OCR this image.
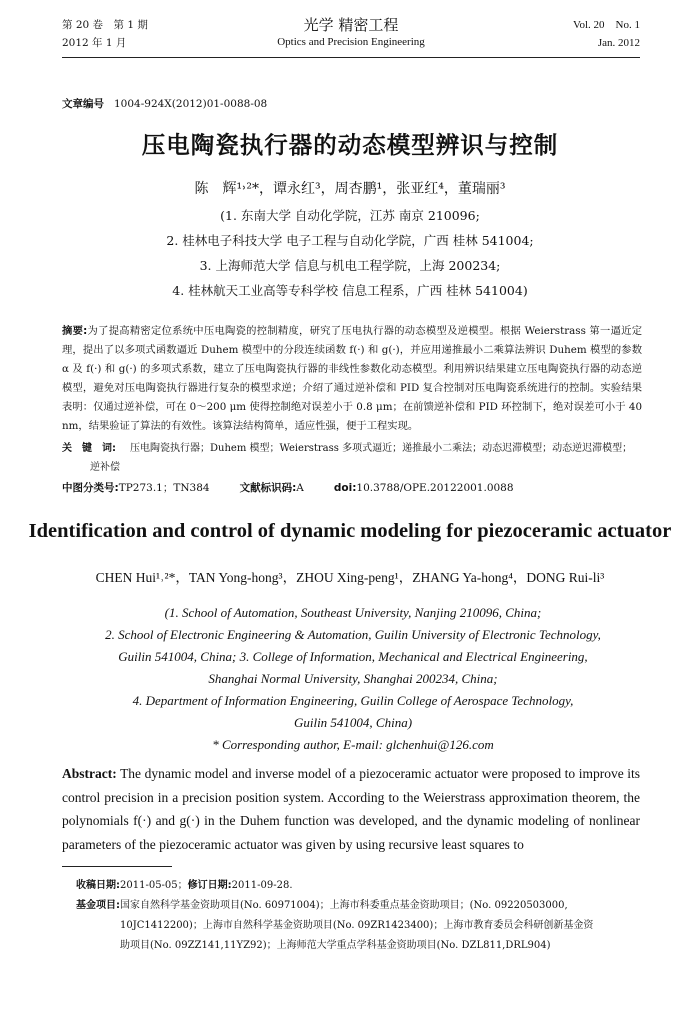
第 20 卷　第 1 期
2012 年 1 月
光学 精密工程
Optics and Precision Engineering
Vol. 20　No. 1
Jan. 2012
文章编号 1004-924X(2012)01-0088-08
压电陶瓷执行器的动态模型辨识与控制
陈　辉¹˒²*，谭永红³，周杏鹏¹，张亚红⁴，董瑞丽³
(1. 东南大学 自动化学院，江苏 南京 210096;
2. 桂林电子科技大学 电子工程与自动化学院，广西 桂林 541004;
3. 上海师范大学 信息与机电工程学院，上海 200234;
4. 桂林航天工业高等专科学校 信息工程系，广西 桂林 541004)
摘要:为了提高精密定位系统中压电陶瓷的控制精度，研究了压电执行器的动态模型及逆模型。根据 Weierstrass 第一逼近定理，提出了以多项式函数逼近 Duhem 模型中的分段连续函数 f(·) 和 g(·)，并应用递推最小二乘算法辨识 Duhem 模型的参数 α 及 f(·) 和 g(·) 的多项式系数，建立了压电陶瓷执行器的非线性参数化动态模型。利用辨识结果建立压电陶瓷执行器的动态逆模型，避免对压电陶瓷执行器进行复杂的模型求逆；介绍了通过逆补偿和 PID 复合控制对压电陶瓷系统进行的控制。实验结果表明：仅通过逆补偿，可在 0～200 μm 使得控制绝对误差小于 0.8 μm；在前馈逆补偿和 PID 环控制下，绝对误差可小于 40 nm，结果验证了算法的有效性。该算法结构简单，适应性强，便于工程实现。
关　键　词: 压电陶瓷执行器；Duhem 模型；Weierstrass 多项式逼近；递推最小二乘法；动态迟滞模型；动态逆迟滞模型；
逆补偿
中图分类号:TP273.1；TN384	文献标识码:A	doi:10.3788/OPE.20122001.0088
Identification and control of dynamic modeling for piezoceramic actuator
CHEN Hui¹˒²*，TAN Yong-hong³，ZHOU Xing-peng¹，ZHANG Ya-hong⁴，DONG Rui-li³
(1. School of Automation, Southeast University, Nanjing 210096, China;
2. School of Electronic Engineering & Automation, Guilin University of Electronic Technology,
Guilin 541004, China; 3. College of Information, Mechanical and Electrical Engineering,
Shanghai Normal University, Shanghai 200234, China;
4. Department of Information Engineering, Guilin College of Aerospace Technology,
Guilin 541004, China)
* Corresponding author, E-mail: glchenhui@126.com
Abstract: The dynamic model and inverse model of a piezoceramic actuator were proposed to improve its control precision in a precision position system. According to the Weierstrass approximation theorem, the polynomials f(·) and g(·) in the Duhem function was developed, and the dynamic modeling of nonlinear parameters of the piezoceramic actuator was given by using recursive least squares to
收稿日期:2011-05-05；修订日期:2011-09-28.
基金项目:国家自然科学基金资助项目(No. 60971004)；上海市科委重点基金资助项目；(No. 09220503000,
10JC1412200)；上海市自然科学基金资助项目(No. 09ZR1423400)；上海市教育委员会科研创新基金资
助项目(No. 09ZZ141,11YZ92)；上海师范大学重点学科基金资助项目(No. DZL811,DRL904)
